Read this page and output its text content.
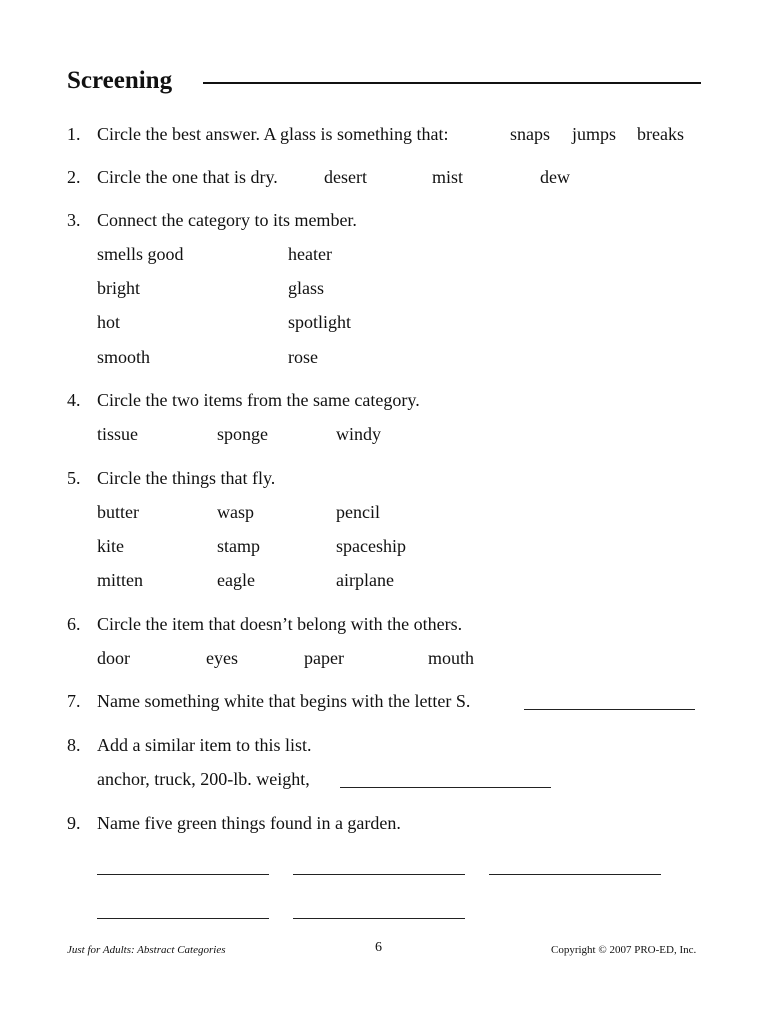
Screening
1. Circle the best answer. A glass is something that:	snaps jumps breaks
2. Circle the one that is dry.	desert	mist	dew
3. Connect the category to its member.
smells good	heater
bright	glass
hot	spotlight
smooth	rose
4. Circle the two items from the same category.
tissue	sponge	windy
5. Circle the things that fly.
butter	wasp	pencil
kite	stamp	spaceship
mitten	eagle	airplane
6. Circle the item that doesn’t belong with the others.
door	eyes	paper	mouth
7. Name something white that begins with the letter S.
8. Add a similar item to this list.
anchor, truck, 200-lb. weight,
9. Name five green things found in a garden.
Just for Adults: Abstract Categories	6	Copyright © 2007 PRO-ED, Inc.
